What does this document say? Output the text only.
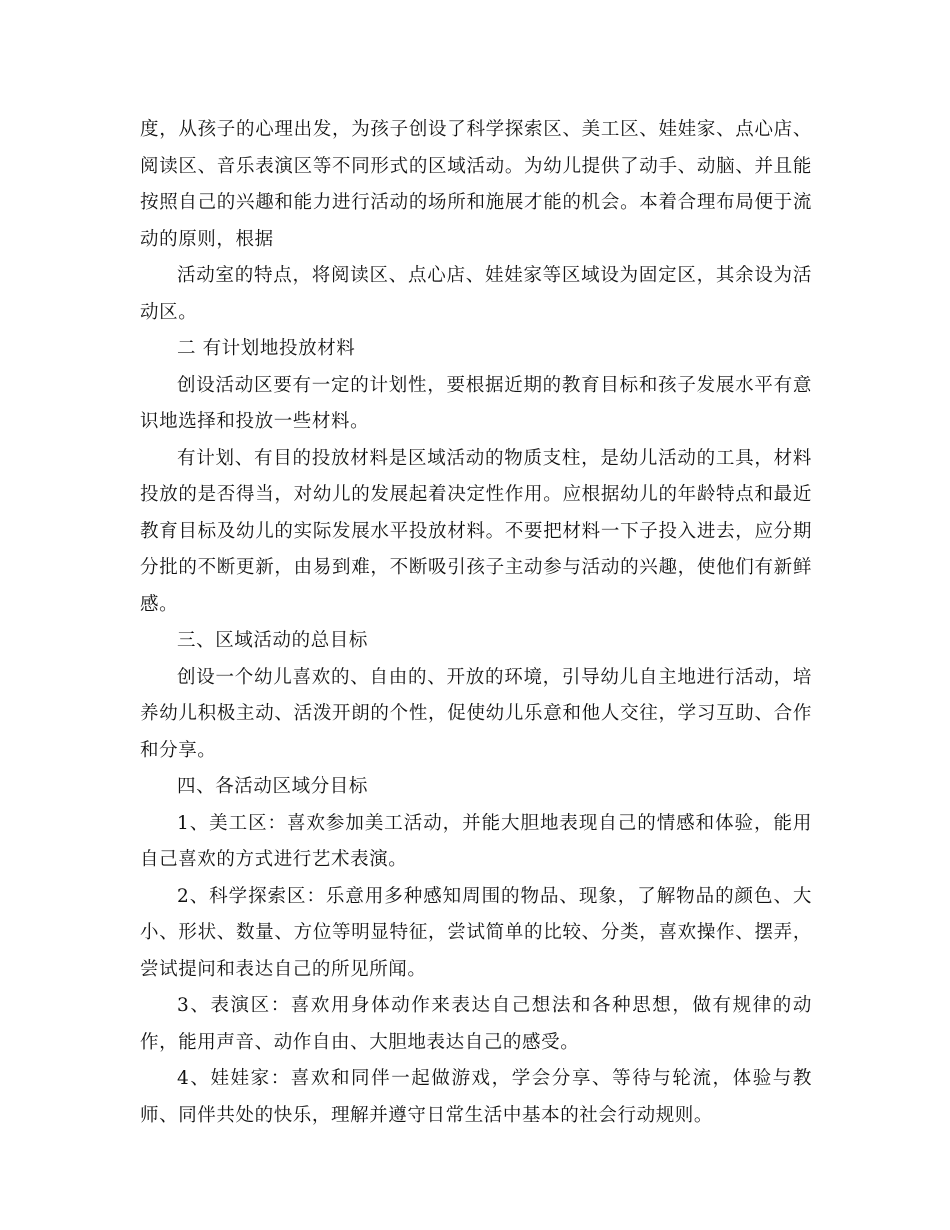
度，从孩子的心理出发，为孩子创设了科学探索区、美工区、娃娃家、点心店、阅读区、音乐表演区等不同形式的区域活动。为幼儿提供了动手、动脑、并且能按照自己的兴趣和能力进行活动的场所和施展才能的机会。本着合理布局便于流动的原则，根据

活动室的特点，将阅读区、点心店、娃娃家等区域设为固定区，其余设为活动区。

二 有计划地投放材料

创设活动区要有一定的计划性，要根据近期的教育目标和孩子发展水平有意识地选择和投放一些材料。

有计划、有目的投放材料是区域活动的物质支柱，是幼儿活动的工具，材料投放的是否得当，对幼儿的发展起着决定性作用。应根据幼儿的年龄特点和最近教育目标及幼儿的实际发展水平投放材料。不要把材料一下子投入进去，应分期分批的不断更新，由易到难，不断吸引孩子主动参与活动的兴趣，使他们有新鲜感。

三、区域活动的总目标

创设一个幼儿喜欢的、自由的、开放的环境，引导幼儿自主地进行活动，培养幼儿积极主动、活泼开朗的个性，促使幼儿乐意和他人交往，学习互助、合作和分享。

四、各活动区域分目标

1、美工区：喜欢参加美工活动，并能大胆地表现自己的情感和体验，能用自己喜欢的方式进行艺术表演。

2、科学探索区：乐意用多种感知周围的物品、现象，了解物品的颜色、大小、形状、数量、方位等明显特征，尝试简单的比较、分类，喜欢操作、摆弄，尝试提问和表达自己的所见所闻。

3、表演区：喜欢用身体动作来表达自己想法和各种思想，做有规律的动作，能用声音、动作自由、大胆地表达自己的感受。

4、娃娃家：喜欢和同伴一起做游戏，学会分享、等待与轮流，体验与教师、同伴共处的快乐，理解并遵守日常生活中基本的社会行动规则。
